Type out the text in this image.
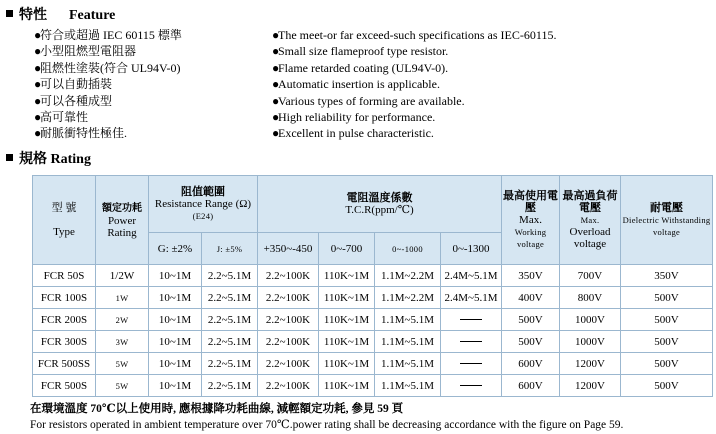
特性 Feature
●符合或超過 IEC 60115 標準
●小型阻燃型電阻器
●阻燃性塗裝(符合 UL94V-0)
●可以自動插裝
●可以各種成型
●高可靠性
●耐脈衝特性極佳.
●The meet-or far exceed-such specifications as IEC-60115.
●Small size flameproof type resistor.
●Flame retarded coating (UL94V-0).
●Automatic insertion is applicable.
●Various types of forming are available.
●High reliability for performance.
●Excellent in pulse characteristic.
規格 Rating
型 號

Type	額定功耗
Power Rating	阻值範圍
Resistance Range (Ω)
(E24)		電阻溫度係數
T.C.R(ppm/℃)				最高使用電壓
Max.
Working voltage	最高過負荷電壓
Max.
Overload voltage	耐電壓
Dielectric Withstanding voltage
		G: ±2%	J: ±5%	+350~-450	0~-700	0~-1000	0~-1300			
FCR 50S	1/2W	10~1M	2.2~5.1M	2.2~100K	110K~1M	1.1M~2.2M	2.4M~5.1M	350V	700V	350V
FCR 100S	1W	10~1M	2.2~5.1M	2.2~100K	110K~1M	1.1M~2.2M	2.4M~5.1M	400V	800V	500V
FCR 200S	2W	10~1M	2.2~5.1M	2.2~100K	110K~1M	1.1M~5.1M		500V	1000V	500V
FCR 300S	3W	10~1M	2.2~5.1M	2.2~100K	110K~1M	1.1M~5.1M		500V	1000V	500V
FCR 500SS	5W	10~1M	2.2~5.1M	2.2~100K	110K~1M	1.1M~5.1M		600V	1200V	500V
FCR 500S	5W	10~1M	2.2~5.1M	2.2~100K	110K~1M	1.1M~5.1M		600V	1200V	500V
在環境溫度 70℃以上使用時, 應根據降功耗曲線, 減輕額定功耗, 參見 59 頁
For resistors operated in ambient temperature over 70℃.power rating shall be decreasing accordance with the figure on Page 59.
